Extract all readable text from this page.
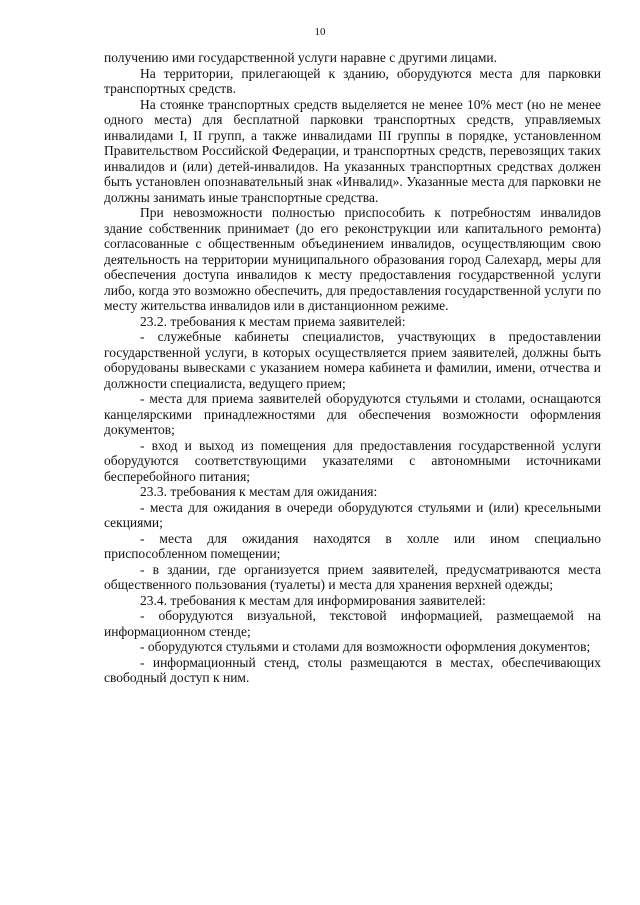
10

получению ими государственной услуги наравне с другими лицами.

На территории, прилегающей к зданию, оборудуются места для парковки транспортных средств.

На стоянке транспортных средств выделяется не менее 10% мест (но не менее одного места) для бесплатной парковки транспортных средств, управляемых инвалидами I, II групп, а также инвалидами III группы в порядке, установленном Правительством Российской Федерации, и транспортных средств, перевозящих таких инвалидов и (или) детей-инвалидов. На указанных транспортных средствах должен быть установлен опознавательный знак «Инвалид». Указанные места для парковки не должны занимать иные транспортные средства.

При невозможности полностью приспособить к потребностям инвалидов здание собственник принимает (до его реконструкции или капитального ремонта) согласованные с общественным объединением инвалидов, осуществляющим свою деятельность на территории муниципального образования город Салехард, меры для обеспечения доступа инвалидов к месту предоставления государственной услуги либо, когда это возможно обеспечить, для предоставления государственной услуги по месту жительства инвалидов или в дистанционном режиме.

23.2. требования к местам приема заявителей:

- служебные кабинеты специалистов, участвующих в предоставлении государственной услуги, в которых осуществляется прием заявителей, должны быть оборудованы вывесками с указанием номера кабинета и фамилии, имени, отчества и должности специалиста, ведущего прием;

- места для приема заявителей оборудуются стульями и столами, оснащаются канцелярскими принадлежностями для обеспечения возможности оформления документов;

- вход и выход из помещения для предоставления государственной услуги оборудуются соответствующими указателями с автономными источниками бесперебойного питания;

23.3. требования к местам для ожидания:

- места для ожидания в очереди оборудуются стульями и (или) кресельными секциями;

- места для ожидания находятся в холле или ином специально приспособленном помещении;

- в здании, где организуется прием заявителей, предусматриваются места общественного пользования (туалеты) и места для хранения верхней одежды;

23.4. требования к местам для информирования заявителей:

- оборудуются визуальной, текстовой информацией, размещаемой на информационном стенде;

- оборудуются стульями и столами для возможности оформления документов;

- информационный стенд, столы размещаются в местах, обеспечивающих свободный доступ к ним.
